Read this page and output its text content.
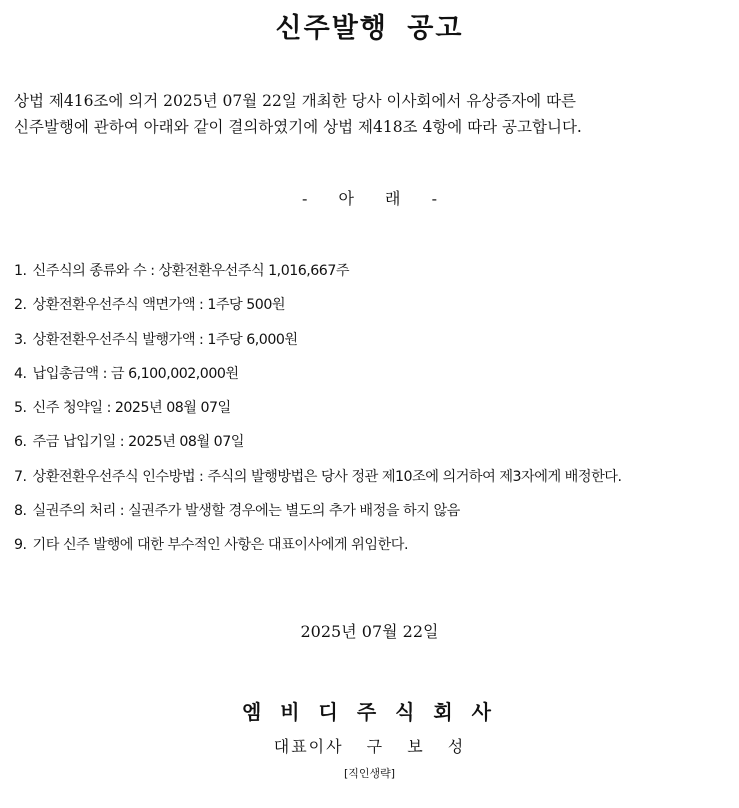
신주발행 공고

상법 제416조에 의거 2025년 07월 22일 개최한 당사 이사회에서 유상증자에 따른

신주발행에 관하여 아래와 같이 결의하였기에 상법 제418조 4항에 따라 공고합니다.

- 아 래 -
1. 신주식의 종류와 수 : 상환전환우선주식 1,016,667주
2. 상환전환우선주식 액면가액 : 1주당 500원
3. 상환전환우선주식 발행가액 : 1주당 6,000원
4. 납입총금액 : 금 6,100,002,000원
5. 신주 청약일 : 2025년 08월 07일
6. 주금 납입기일 : 2025년 08월 07일
7. 상환전환우선주식 인수방법 : 주식의 발행방법은 당사 정관 제10조에 의거하여 제3자에게 배정한다.
8. 실권주의 처리 : 실권주가 발생할 경우에는 별도의 추가 배정을 하지 않음
9. 기타 신주 발행에 대한 부수적인 사항은 대표이사에게 위임한다.
2025년 07월 22일
엠 비 디 주 식 회 사
대표이사 구 보 성
[직인생략]
